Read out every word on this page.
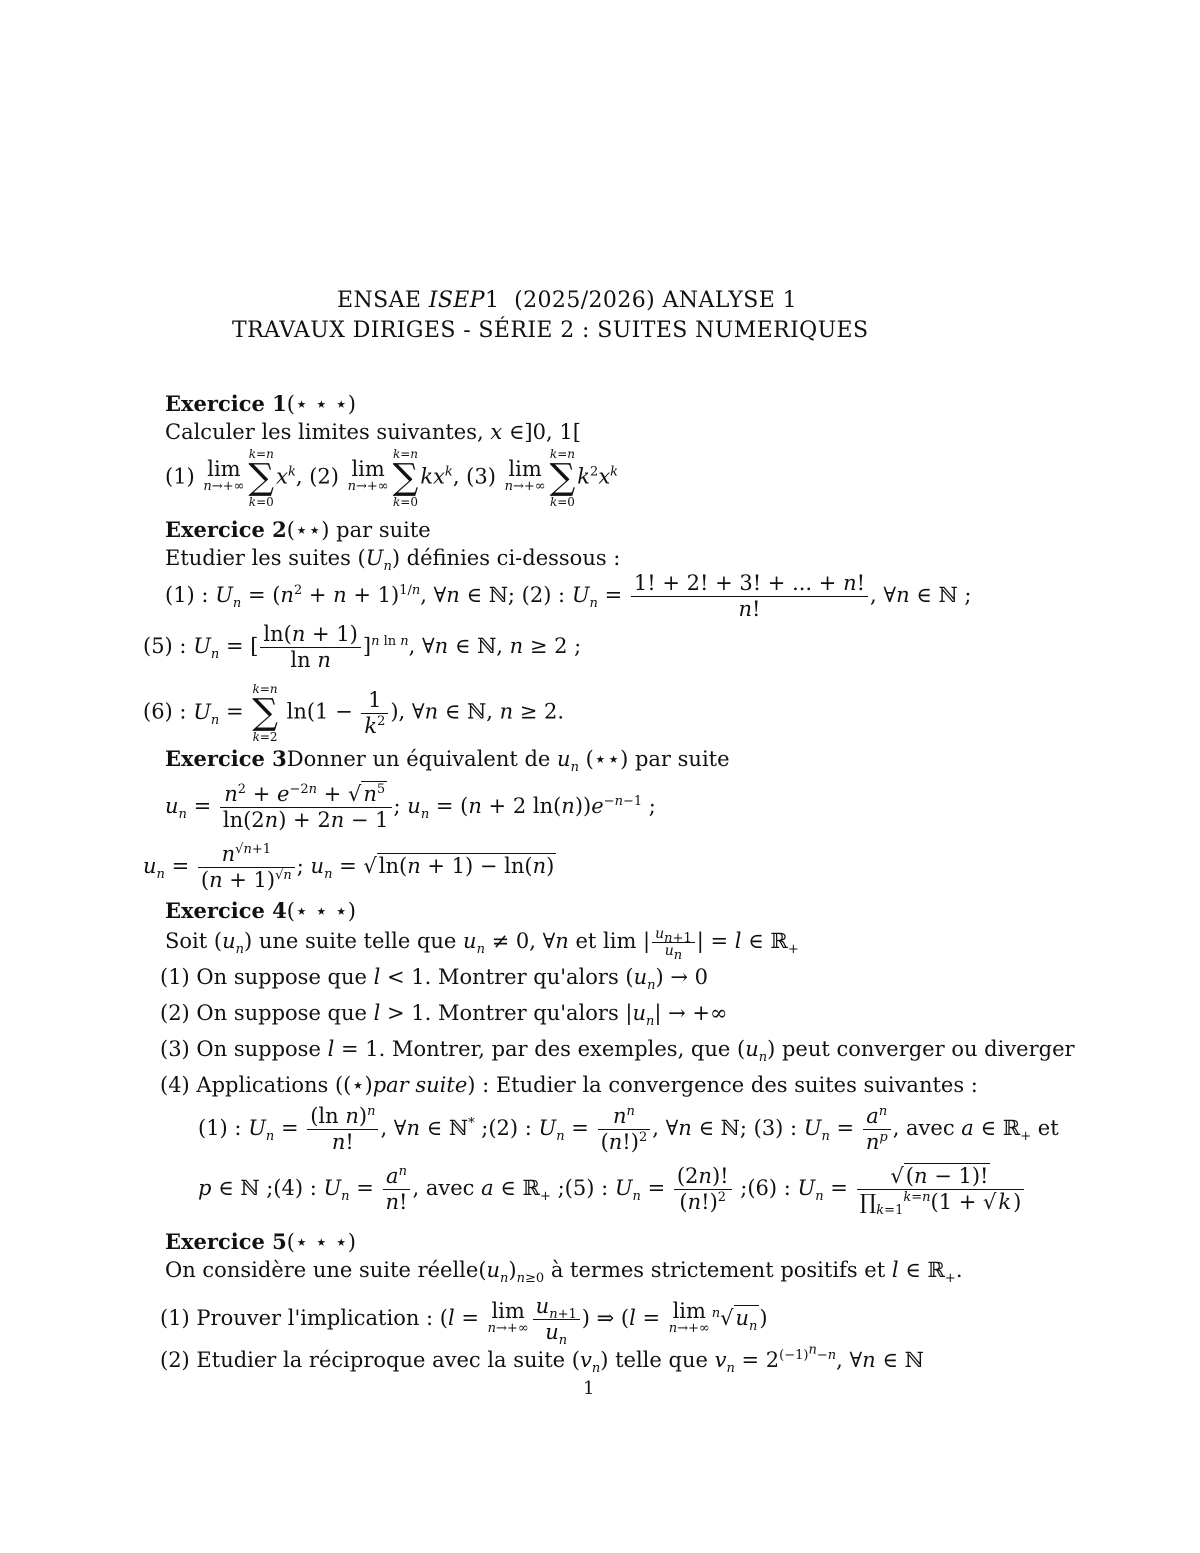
ENSAE ISEP1  (2025/2026) ANALYSE 1
TRAVAUX DIRIGES - SÉRIE 2 : SUITES NUMERIQUES
Exercice 1(⋆ ⋆ ⋆)
Calculer les limites suivantes, x ∈]0, 1[
(1) lim
n→+∞
k=n
∑
k=0
$x^k$, (2) lim
n→+∞
k=n
∑
k=0
$kx^k$, (3) lim
n→+∞
k=n
∑
k=0
$k^2x^k$
Exercice 2(⋆⋆) par suite
Etudier les suites $(U_n)$ définies ci-dessous :
(1) : $U_n = (n^2 + n + 1)^{1/n}$, ∀n ∈ ℕ; (2) : $U_n = \frac{1! + 2! + 3! + ... + n!}{n!}$ , ∀n ∈ ℕ ;
(5) : $U_n$ = [ $\frac{\ln(n + 1)}{\text{ln n}} ]^{n ln n}$, ∀n ∈ ℕ, n ≥ 2 ;
(6) : $U_n$ =
k=n
∑
k=2
$\ln(1 - \frac{1}{k^2}$ ), ∀n ∈ ℕ, n ≥ 2.
Exercice 3Donner un équivalent de $u_n$ (⋆⋆) par suite
$u_n = \frac{n^2 + e^{-2n} + √n^5}{\ln(2n) + 2n - 1}$ ; $u_n = (n + 2$ $\ln(n))e^{-n-1}$ ;
$u_n = \frac{n^{√n+1}}{(n + 1)^{√n}}$ ; $u_n = √\ln(n + 1) - \ln(n)$
Exercice 4(⋆ ⋆ ⋆)
Soit $(u_n)$ une suite telle que $u_n \ne 0$, ∀n et lim | $\frac{u_{n+1}}{u_n}$ | = l ∈ ℝ$_+$
(1) On suppose que l < 1. Montrer qu'alors $(u_n) \to 0$
(2) On suppose que l > 1. Montrer qu'alors $|u_n|$ → +∞
(3) On suppose l = 1. Montrer, par des exemples, que $(u_n)$ peut converger ou diverger
(4) Applications ((⋆)par suite) : Etudier la convergence des suites suivantes :
(1) : $U_n = \frac{(\ln n)^n}{n!}$ , ∀n ∈ ℕ* ;(2) : $U_n = \frac{n^n}{(n!)^2}$ , ∀n ∈ ℕ; (3) : $U_n = \frac{a^n}{n^p}$ , avec a ∈ ℝ$_+$ et
p ∈ ℕ ;(4) : $U_n = \frac{a^n}{n!}$ , avec a ∈ ℝ$_+$ ;(5) : $U_n = \frac{(2n)!}{(n!)^2}$ ;(6) : $U_n = \frac{√(n - 1)!}{\prod_{k=1}^{k=n}(1 + √k)}$
Exercice 5(⋆ ⋆ ⋆)
On considère une suite $réelle(u_n)_{n\ge 0}$ à termes strictement positifs et l ∈ ℝ$_+$.
(1) Prouver l'implication : (l = lim
$n\to+\infty \frac{u_{n+1}}{u_n}$ ) ⇒ (l = lim
n→+∞
$^n√u_n$)
(2) Etudier la réciproque avec la suite $(v_n)$ telle que $v_n = 2^{(-1)^n-n}$, ∀n ∈ ℕ
1
